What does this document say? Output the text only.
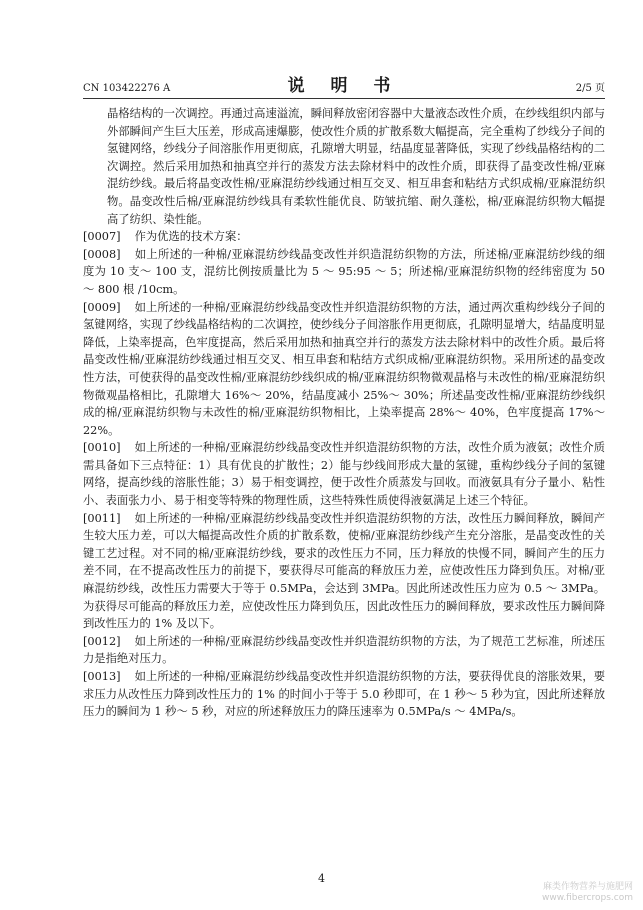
CN 103422276 A	说 明 书	2/5 页

晶格结构的一次调控。再通过高速溢流，瞬间释放密闭容器中大量液态改性介质，在纱线组织内部与外部瞬间产生巨大压差，形成高速爆膨，使改性介质的扩散系数大幅提高，完全重构了纱线分子间的氢键网络，纱线分子间溶胀作用更彻底，孔隙增大明显，结晶度显著降低，实现了纱线晶格结构的二次调控。然后采用加热和抽真空并行的蒸发方法去除材料中的改性介质，即获得了晶变改性棉/亚麻混纺纱线。最后将晶变改性棉/亚麻混纺纱线通过相互交叉、相互串套和粘结方式织成棉/亚麻混纺织物。晶变改性后棉/亚麻混纺纱线具有柔软性能优良、防皱抗缩、耐久蓬松，棉/亚麻混纺织物大幅提高了纺织、染性能。

[0007] 作为优选的技术方案：

[0008] 如上所述的一种棉/亚麻混纺纱线晶变改性并织造混纺织物的方法，所述棉/亚麻混纺纱线的细度为 10 支～ 100 支，混纺比例按质量比为 5 ～ 95:95 ～ 5；所述棉/亚麻混纺织物的经纬密度为 50 ～ 800 根 /10cm。

[0009] 如上所述的一种棉/亚麻混纺纱线晶变改性并织造混纺织物的方法，通过两次重构纱线分子间的氢键网络，实现了纱线晶格结构的二次调控，使纱线分子间溶胀作用更彻底，孔隙明显增大，结晶度明显降低，上染率提高，色牢度提高，然后采用加热和抽真空并行的蒸发方法去除材料中的改性介质。最后将晶变改性棉/亚麻混纺纱线通过相互交叉、相互串套和粘结方式织成棉/亚麻混纺织物。采用所述的晶变改性方法，可使获得的晶变改性棉/亚麻混纺纱线织成的棉/亚麻混纺织物微观晶格与未改性的棉/亚麻混纺织物微观晶格相比，孔隙增大 16%～ 20%，结晶度减小 25%～ 30%；所述晶变改性棉/亚麻混纺纱线织成的棉/亚麻混纺织物与未改性的棉/亚麻混纺织物相比，上染率提高 28%～ 40%，色牢度提高 17%～ 22%。

[0010] 如上所述的一种棉/亚麻混纺纱线晶变改性并织造混纺织物的方法，改性介质为液氨；改性介质需具备如下三点特征：1）具有优良的扩散性；2）能与纱线间形成大量的氢键，重构纱线分子间的氢键网络，提高纱线的溶胀性能；3）易于相变调控，便于改性介质蒸发与回收。而液氨具有分子量小、粘性小、表面张力小、易于相变等特殊的物理性质，这些特殊性质使得液氨满足上述三个特征。

[0011] 如上所述的一种棉/亚麻混纺纱线晶变改性并织造混纺织物的方法，改性压力瞬间释放，瞬间产生较大压力差，可以大幅提高改性介质的扩散系数，使棉/亚麻混纺纱线产生充分溶胀，是晶变改性的关键工艺过程。对不同的棉/亚麻混纺纱线，要求的改性压力不同，压力释放的快慢不同，瞬间产生的压力差不同，在不提高改性压力的前提下，要获得尽可能高的释放压力差，应使改性压力降到负压。对棉/亚麻混纺纱线，改性压力需要大于等于 0.5MPa，会达到 3MPa。因此所述改性压力应为 0.5 ～ 3MPa。为获得尽可能高的释放压力差，应使改性压力降到负压，因此改性压力的瞬间释放，要求改性压力瞬间降到改性压力的 1% 及以下。

[0012] 如上所述的一种棉/亚麻混纺纱线晶变改性并织造混纺织物的方法，为了规范工艺标准，所述压力是指绝对压力。

[0013] 如上所述的一种棉/亚麻混纺纱线晶变改性并织造混纺织物的方法，要获得优良的溶胀效果，要求压力从改性压力降到改性压力的 1% 的时间小于等于 5.0 秒即可，在 1 秒～ 5 秒为宜，因此所述释放压力的瞬间为 1 秒～ 5 秒，对应的所述释放压力的降压速率为 0.5MPa/s ～ 4MPa/s。

4
麻类作物营养与施肥网
www.fibercrops.com
